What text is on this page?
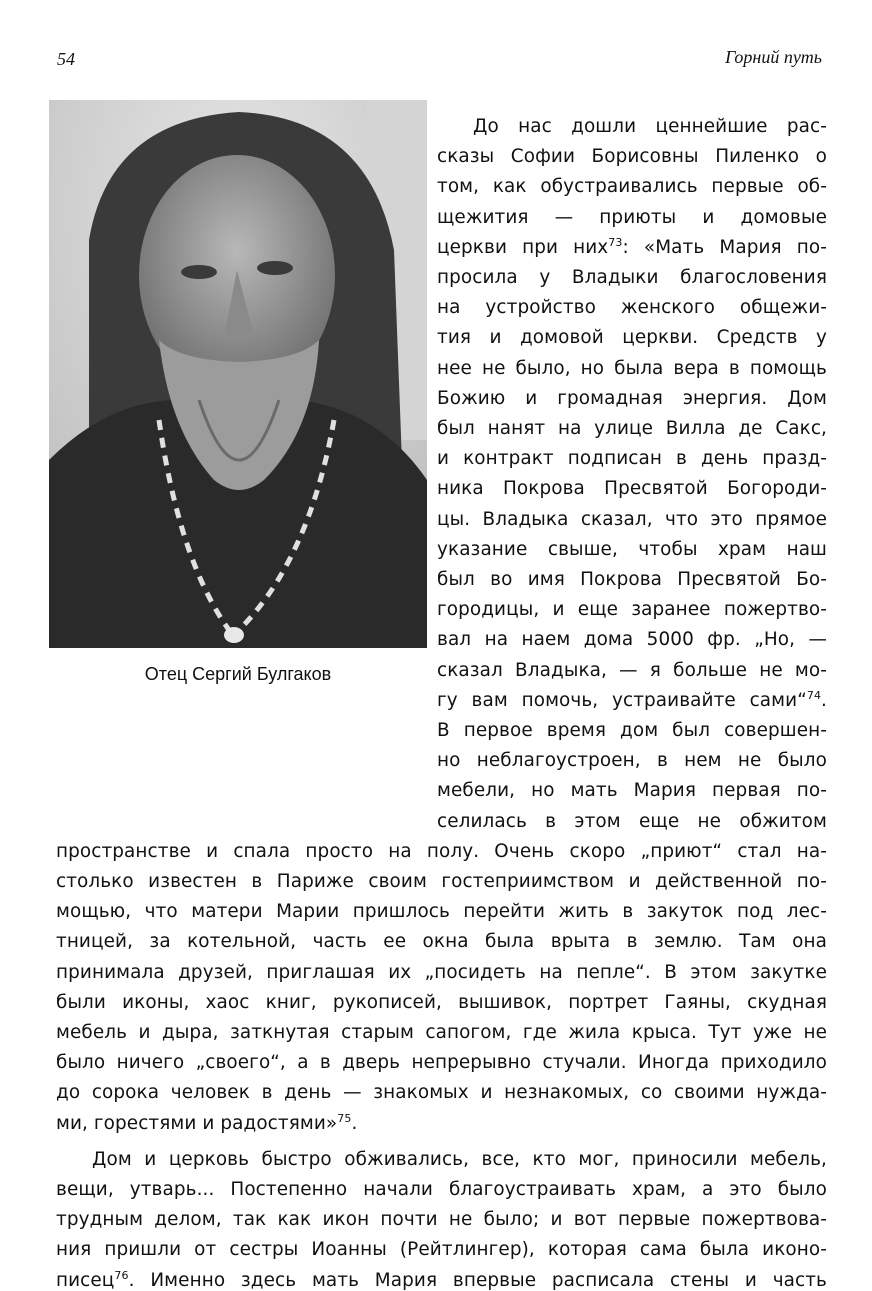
54	Горний путь
Отец Сергий Булгаков
До нас дошли ценнейшие рас-
сказы Софии Борисовны Пиленко о
том, как обустраивались первые об-
щежития — приюты и домовые
церкви при них$^{73}$: «Мать Мария по-
просила у Владыки благословения
на устройство женского общежи-
тия и домовой церкви. Средств у
нее не было, но была вера в помощь
Божию и громадная энергия. Дом
был нанят на улице Вилла де Сакс,
и контракт подписан в день празд-
ника Покрова Пресвятой Богороди-
цы. Владыка сказал, что это прямое
указание свыше, чтобы храм наш
был во имя Покрова Пресвятой Бо-
городицы, и еще заранее пожертво-
вал на наем дома 5000 фр. „Но, —
сказал Владыка, — я больше не мо-
гу вам помочь, устраивайте сами“$^{74}$.
В первое время дом был совершен-
но неблагоустроен, в нем не было
мебели, но мать Мария первая по-
селилась в этом еще не обжитом
пространстве и спала просто на полу. Очень скоро „приют“ стал на-
столько известен в Париже своим гостеприимством и действенной по-
мощью, что матери Марии пришлось перейти жить в закуток под лес-
тницей, за котельной, часть ее окна была врыта в землю. Там она
принимала друзей, приглашая их „посидеть на пепле“. В этом закутке
были иконы, хаос книг, рукописей, вышивок, портрет Гаяны, скудная
мебель и дыра, заткнутая старым сапогом, где жила крыса. Тут уже не
было ничего „своего“, а в дверь непрерывно стучали. Иногда приходило
до сорока человек в день — знакомых и незнакомых, со своими нужда-
ми, горестями и радостями»$^{75}$.
Дом и церковь быстро обживались, все, кто мог, приносили мебель,
вещи, утварь... Постепенно начали благоустраивать храм, а это было
трудным делом, так как икон почти не было; и вот первые пожертвова-
ния пришли от сестры Иоанны (Рейтлингер), которая сама была иконо-
писец$^{76}$. Именно здесь мать Мария впервые расписала стены и часть
